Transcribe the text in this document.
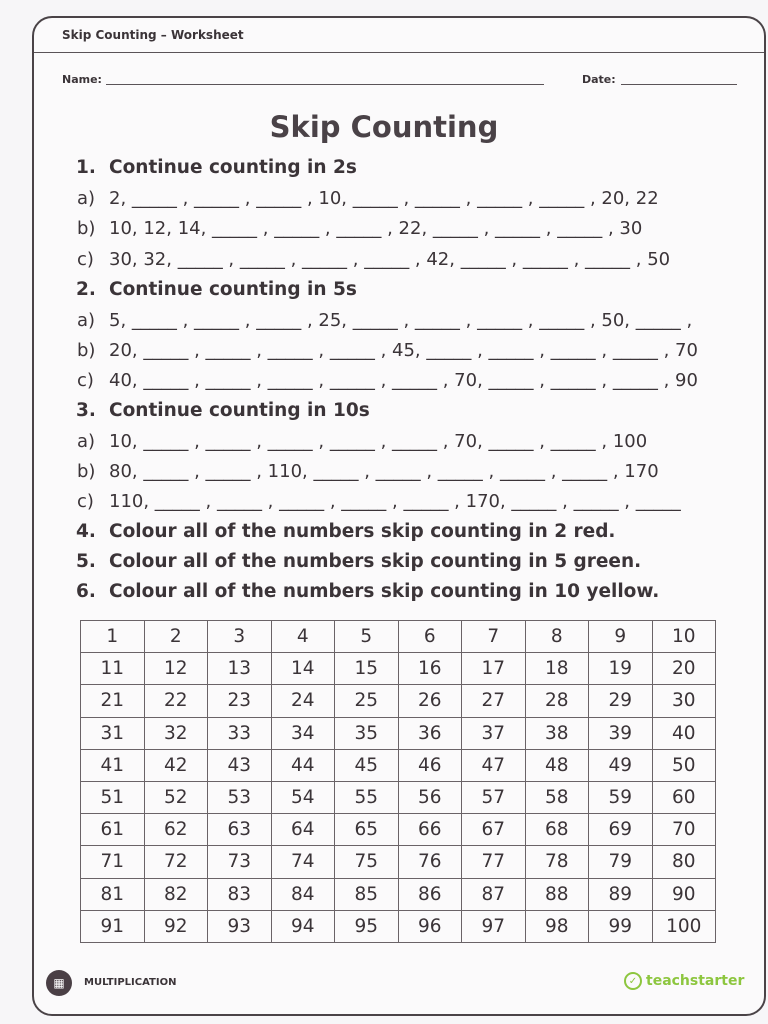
Skip Counting – Worksheet
Name:	Date:
Skip Counting
1. Continue counting in 2s
a) 2, _____ , _____ , _____ , 10, _____ , _____ , _____ , _____ , 20, 22
b) 10, 12, 14, _____ , _____ , _____ , 22, _____ , _____ , _____ , 30
c) 30, 32, _____ , _____ , _____ , _____ , 42, _____ , _____ , _____ , 50
2. Continue counting in 5s
a) 5, _____ , _____ , _____ , 25, _____ , _____ , _____ , _____ , 50, _____ ,
b) 20, _____ , _____ , _____ , _____ , 45, _____ , _____ , _____ , _____ , 70
c) 40, _____ , _____ , _____ , _____ , _____ , 70, _____ , _____ , _____ , 90
3. Continue counting in 10s
a) 10, _____ , _____ , _____ , _____ , _____ , 70, _____ , _____ , 100
b) 80, _____ , _____ , 110, _____ , _____ , _____ , _____ , _____ , 170
c) 110, _____ , _____ , _____ , _____ , _____ , 170, _____ , _____ , _____
4. Colour all of the numbers skip counting in 2 red.
5. Colour all of the numbers skip counting in 5 green.
6. Colour all of the numbers skip counting in 10 yellow.
1	2	3	4	5	6	7	8	9	10
11	12	13	14	15	16	17	18	19	20
21	22	23	24	25	26	27	28	29	30
31	32	33	34	35	36	37	38	39	40
41	42	43	44	45	46	47	48	49	50
51	52	53	54	55	56	57	58	59	60
61	62	63	64	65	66	67	68	69	70
71	72	73	74	75	76	77	78	79	80
81	82	83	84	85	86	87	88	89	90
91	92	93	94	95	96	97	98	99	100
▦	MULTIPLICATION	✓ teachstarter
